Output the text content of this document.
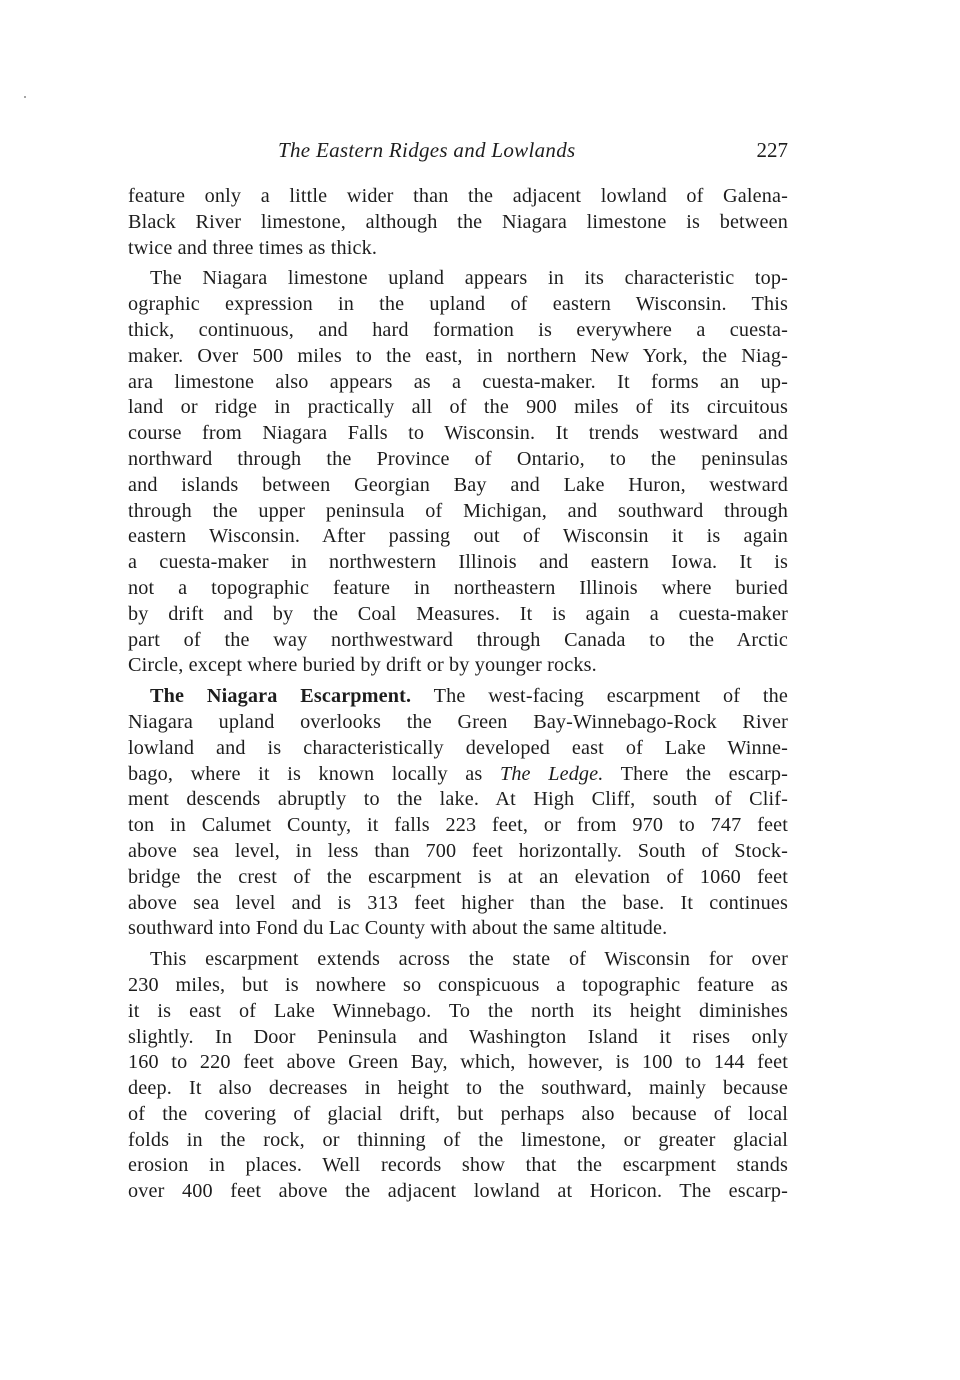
The Eastern Ridges and Lowlands	227
feature only a little wider than the adjacent lowland of Galena-
Black River limestone, although the Niagara limestone is between
twice and three times as thick.
The Niagara limestone upland appears in its characteristic top-
ographic expression in the upland of eastern Wisconsin. This
thick, continuous, and hard formation is everywhere a cuesta-
maker. Over 500 miles to the east, in northern New York, the Niag-
ara limestone also appears as a cuesta-maker. It forms an up-
land or ridge in practically all of the 900 miles of its circuitous
course from Niagara Falls to Wisconsin. It trends westward and
northward through the Province of Ontario, to the peninsulas
and islands between Georgian Bay and Lake Huron, westward
through the upper peninsula of Michigan, and southward through
eastern Wisconsin. After passing out of Wisconsin it is again
a cuesta-maker in northwestern Illinois and eastern Iowa. It is
not a topographic feature in northeastern Illinois where buried
by drift and by the Coal Measures. It is again a cuesta-maker
part of the way northwestward through Canada to the Arctic
Circle, except where buried by drift or by younger rocks.
The Niagara Escarpment. The west-facing escarpment of the
Niagara upland overlooks the Green Bay-Winnebago-Rock River
lowland and is characteristically developed east of Lake Winne-
bago, where it is known locally as The Ledge. There the escarp-
ment descends abruptly to the lake. At High Cliff, south of Clif-
ton in Calumet County, it falls 223 feet, or from 970 to 747 feet
above sea level, in less than 700 feet horizontally. South of Stock-
bridge the crest of the escarpment is at an elevation of 1060 feet
above sea level and is 313 feet higher than the base. It continues
southward into Fond du Lac County with about the same altitude.
This escarpment extends across the state of Wisconsin for over
230 miles, but is nowhere so conspicuous a topographic feature as
it is east of Lake Winnebago. To the north its height diminishes
slightly. In Door Peninsula and Washington Island it rises only
160 to 220 feet above Green Bay, which, however, is 100 to 144 feet
deep. It also decreases in height to the southward, mainly because
of the covering of glacial drift, but perhaps also because of local
folds in the rock, or thinning of the limestone, or greater glacial
erosion in places. Well records show that the escarpment stands
over 400 feet above the adjacent lowland at Horicon. The escarp-
